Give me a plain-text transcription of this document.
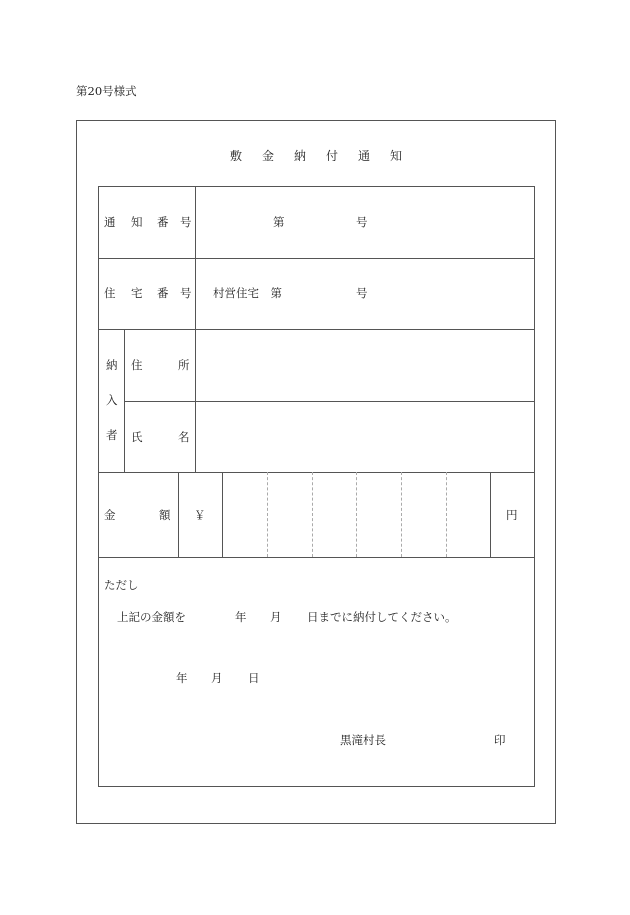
第20号様式
敷金納付通知
通 知 番 号	第	号
住 宅 番 号 村営住宅　第	号
納
入
者
住	所
氏	名
金	額 ￥	円
ただし
上記の金額を	年 月 日までに納付してください。
年 月 日
黒滝村長	印
